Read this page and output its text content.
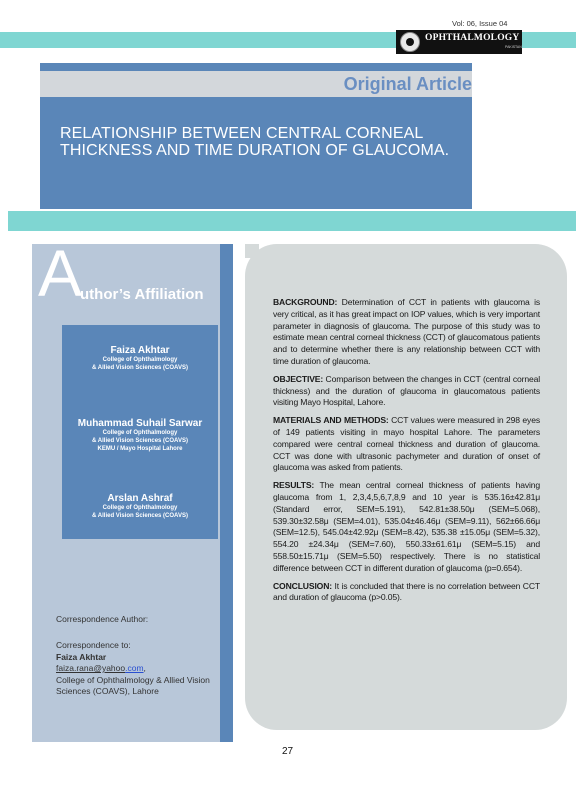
Vol: 06, Issue 04
OPHTHALMOLOGY
PAKISTAN
Original Article
RELATIONSHIP BETWEEN CENTRAL CORNEAL THICKNESS AND TIME DURATION OF GLAUCOMA.
A
uthor’s Affiliation
Faiza Akhtar
College of Ophthalmology
& Allied Vision Sciences (COAVS)
Muhammad Suhail Sarwar
College of Ophthalmology
& Allied Vision Sciences (COAVS)
KEMU / Mayo Hospital Lahore
Arslan Ashraf
College of Ophthalmology
& Allied Vision Sciences (COAVS)
Correspondence Author:
Correspondence to:
Faiza Akhtar
faiza.rana@yahoo.com,
College of Ophthalmology & Allied Vision Sciences (COAVS), Lahore

BACKGROUND: Determination of CCT in patients with glaucoma is very critical, as it has great impact on IOP values, which is very important parameter in diagnosis of glaucoma. The purpose of this study was to estimate mean central corneal thickness (CCT) of glaucomatous patients and to determine whether there is any relationship between CCT with time duration of glaucoma.

OBJECTIVE: Comparison between the changes in CCT (central corneal thickness) and the duration of glaucoma in glaucomatous patients visiting Mayo Hospital, Lahore.

MATERIALS AND METHODS: CCT values were measured in 298 eyes of 149 patients visiting in mayo hospital Lahore. The parameters compared were central corneal thickness and duration of glaucoma. CCT was done with ultrasonic pachymeter and duration of onset of glaucoma was asked from patients.

RESULTS: The mean central corneal thickness of patients having glaucoma from 1, 2,3,4,5,6,7,8,9 and 10 year is 535.16±42.81μ (Standard error, SEM=5.191), 542.81±38.50μ (SEM=5.068), 539.30±32.58μ (SEM=4.01), 535.04±46.46μ (SEM=9.11), 562±66.66μ (SEM=12.5), 545.04±42.92μ (SEM=8.42), 535.38 ±15.05μ (SEM=5.32), 554.20 ±24.34μ (SEM=7.60), 550.33±61.61μ (SEM=5.15) and 558.50±15.71μ (SEM=5.50) respectively. There is no statistical difference between CCT in different duration of glaucoma (p=0.654).

CONCLUSION: It is concluded that there is no correlation between CCT and duration of glaucoma (p>0.05).

27
